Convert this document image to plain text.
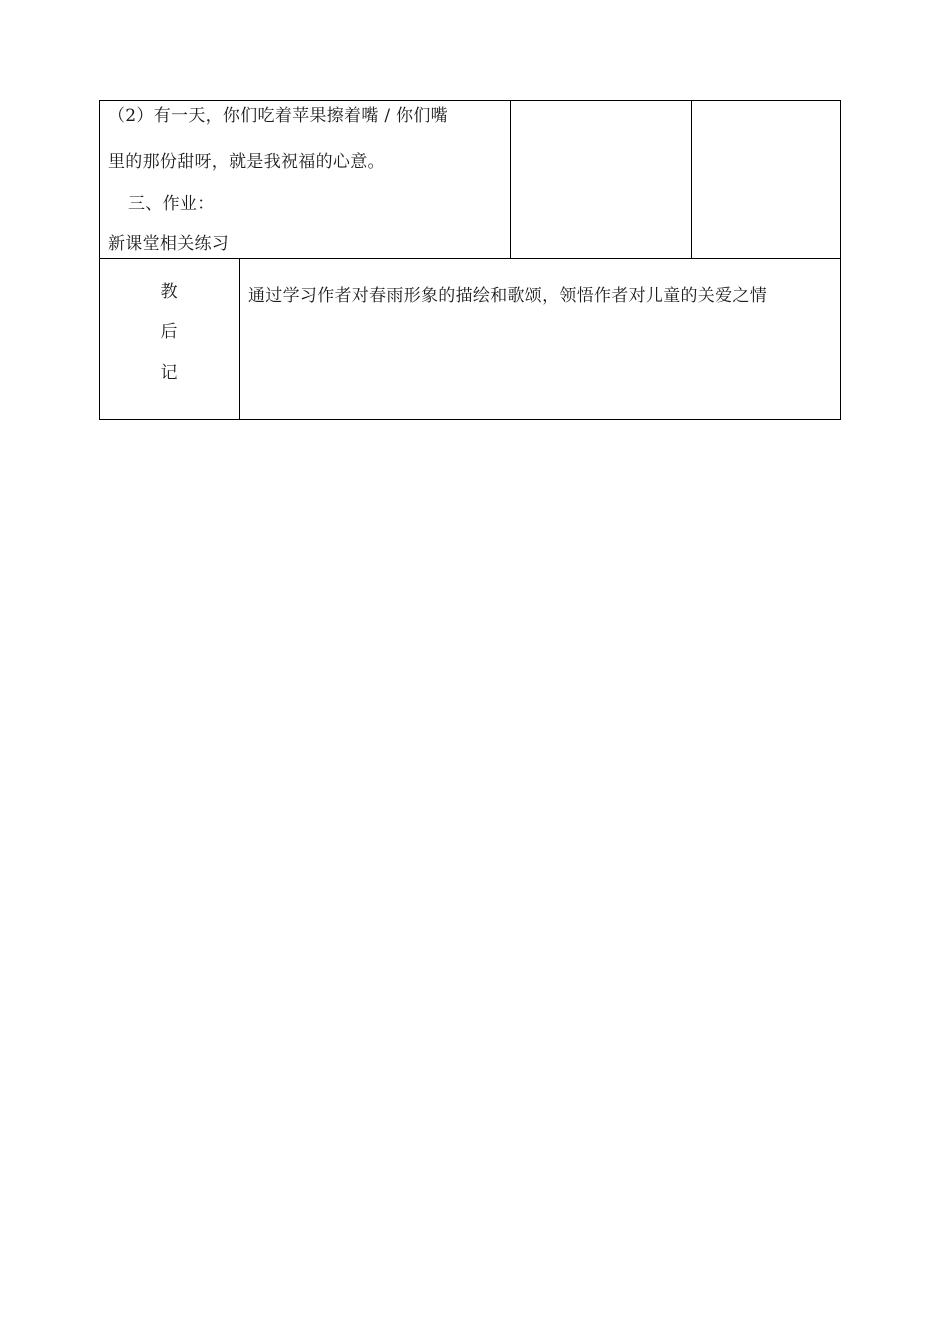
（2）有一天，你们吃着苹果擦着嘴 / 你们嘴
里的那份甜呀，就是我祝福的心意。
三、作业：
新课堂相关练习
教
后
记
通过学习作者对春雨形象的描绘和歌颂，领悟作者对儿童的关爱之情
